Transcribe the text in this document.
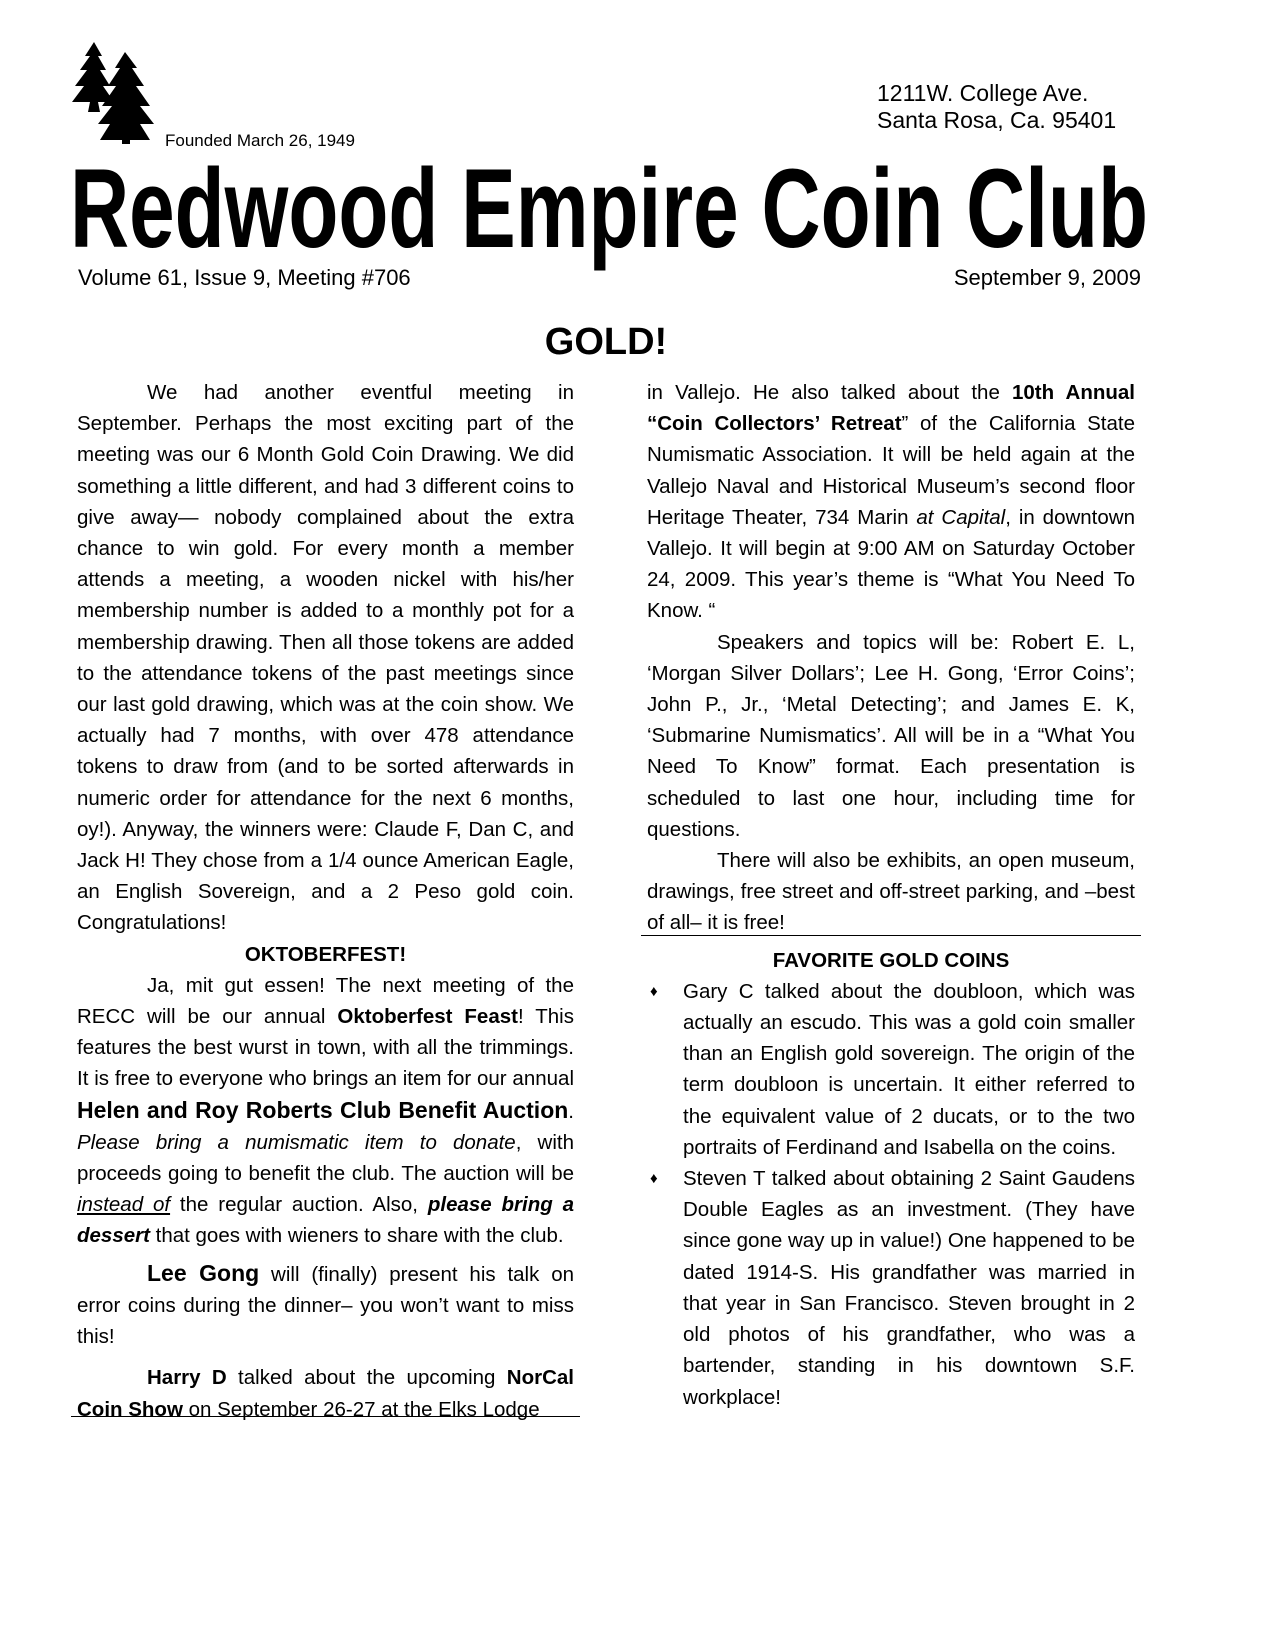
Founded March 26, 1949
1211W. College Ave.
Santa Rosa, Ca. 95401
Redwood Empire Coin Club
Volume 61, Issue 9, Meeting #706	September 9, 2009
GOLD!

We had another eventful meeting in September. Perhaps the most exciting part of the meeting was our 6 Month Gold Coin Drawing. We did something a little different, and had 3 different coins to give away— nobody complained about the extra chance to win gold. For every month a member attends a meeting, a wooden nickel with his/her membership number is added to a monthly pot for a membership drawing. Then all those tokens are added to the attendance tokens of the past meetings since our last gold drawing, which was at the coin show. We actually had 7 months, with over 478 attendance tokens to draw from (and to be sorted afterwards in numeric order for attendance for the next 6 months, oy!). Anyway, the winners were: Claude F, Dan C, and Jack H! They chose from a 1/4 ounce American Eagle, an English Sovereign, and a 2 Peso gold coin. Congratulations!

OKTOBERFEST!

Ja, mit gut essen! The next meeting of the RECC will be our annual Oktoberfest Feast! This features the best wurst in town, with all the trimmings. It is free to everyone who brings an item for our annual Helen and Roy Roberts Club Benefit Auction. Please bring a numismatic item to donate, with proceeds going to benefit the club. The auction will be instead of the regular auction. Also, please bring a dessert that goes with wieners to share with the club.

Lee Gong will (finally) present his talk on error coins during the dinner– you won’t want to miss this!

Harry D talked about the upcoming NorCal Coin Show on September 26-27 at the Elks Lodge

in Vallejo. He also talked about the 10th Annual “Coin Collectors’ Retreat” of the California State Numismatic Association. It will be held again at the Vallejo Naval and Historical Museum’s second floor Heritage Theater, 734 Marin at Capital, in downtown Vallejo. It will begin at 9:00 AM on Saturday October 24, 2009. This year’s theme is “What You Need To Know. “

Speakers and topics will be: Robert E. L, ‘Morgan Silver Dollars’; Lee H. Gong, ‘Error Coins’; John P., Jr., ‘Metal Detecting’; and James E. K, ‘Submarine Numismatics’. All will be in a “What You Need To Know” format. Each presentation is scheduled to last one hour, including time for questions.

There will also be exhibits, an open museum, drawings, free street and off-street parking, and –best of all– it is free!

FAVORITE GOLD COINS

♦ Gary C talked about the doubloon, which was actually an escudo. This was a gold coin smaller than an English gold sovereign. The origin of the term doubloon is uncertain. It either referred to the equivalent value of 2 ducats, or to the two portraits of Ferdinand and Isabella on the coins.
♦ Steven T talked about obtaining 2 Saint Gaudens Double Eagles as an investment. (They have since gone way up in value!) One happened to be dated 1914-S. His grandfather was married in that year in San Francisco. Steven brought in 2 old photos of his grandfather, who was a bartender, standing in his downtown S.F. workplace!
